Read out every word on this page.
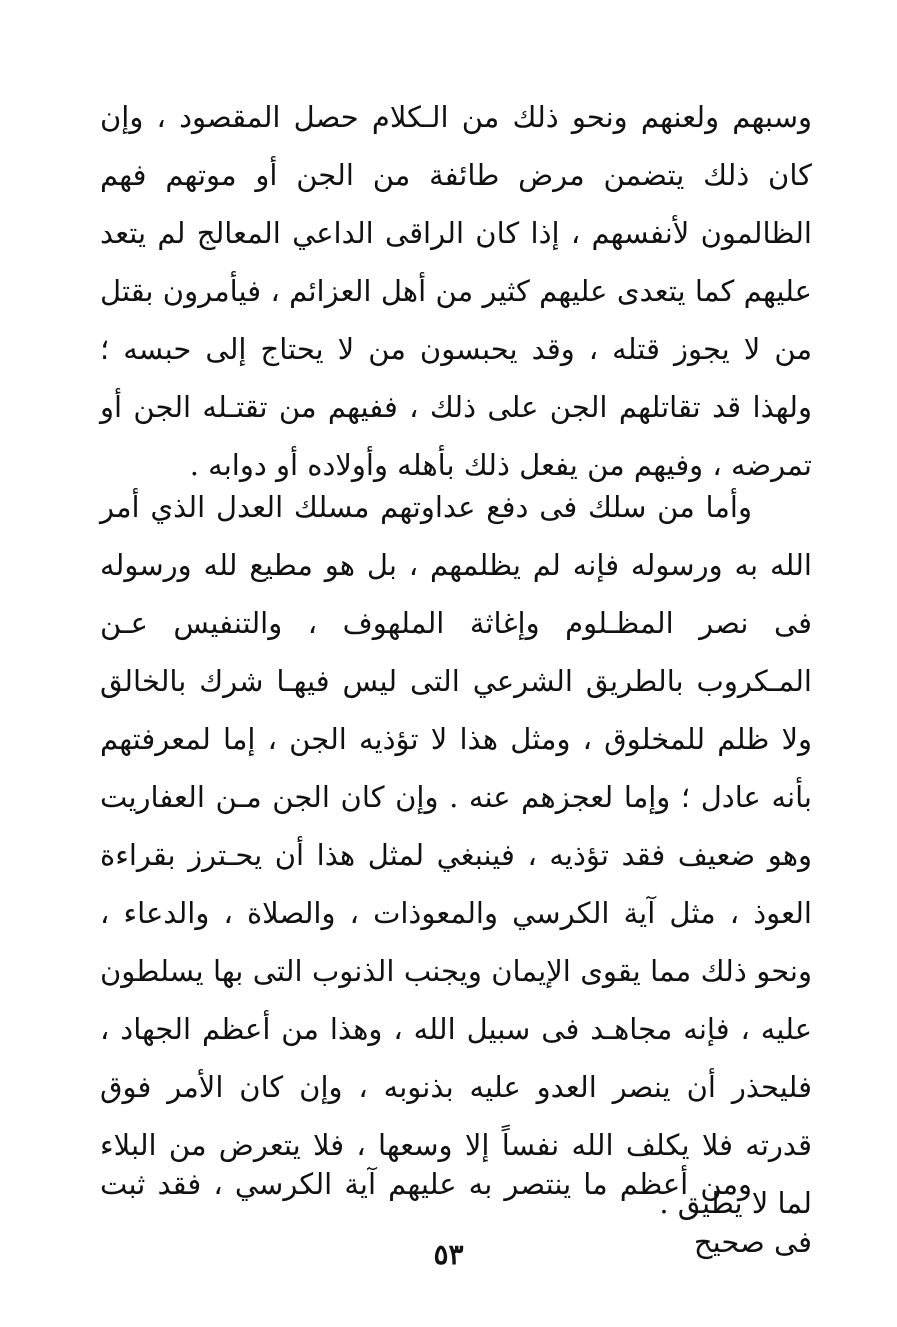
وسبهم ولعنهم ونحو ذلك من الـكلام حصل المقصود ، وإن كان ذلك يتضمن مرض طائفة من الجن أو موتهم فهم الظالمون لأنفسهم ، إذا كان الراقى الداعي المعالج لم يتعد عليهم كما يتعدى عليهم كثير من أهل العزائم ، فيأمرون بقتل من لا يجوز قتله ، وقد يحبسون من لا يحتاج إلى حبسه ؛ ولهذا قد تقاتلهم الجن على ذلك ، ففيهم من تقتـله الجن أو تمرضه ، وفيهم من يفعل ذلك بأهله وأولاده أو دوابه .

وأما من سلك فى دفع عداوتهم مسلك العدل الذي أمر الله به ورسوله فإنه لم يظلمهم ، بل هو مطيع لله ورسوله فى نصر المظـلوم وإغاثة الملهوف ، والتنفيس عـن المـكروب بالطريق الشرعي التى ليس فيهـا شرك بالخالق ولا ظلم للمخلوق ، ومثل هذا لا تؤذيه الجن ، إما لمعرفتهم بأنه عادل ؛ وإما لعجزهم عنه . وإن كان الجن مـن العفاريت وهو ضعيف فقد تؤذيه ، فينبغي لمثل هذا أن يحـترز بقراءة العوذ ، مثل آية الكرسي والمعوذات ، والصلاة ، والدعاء ، ونحو ذلك مما يقوى الإيمان ويجنب الذنوب التى بها يسلطون عليه ، فإنه مجاهـد فى سبيل الله ، وهذا من أعظم الجهاد ، فليحذر أن ينصر العدو عليه بذنوبه ، وإن كان الأمر فوق قدرته فلا يكلف الله نفساً إلا وسعها ، فلا يتعرض من البلاء لما لا يطيق .

ومن أعظم ما ينتصر به عليهم آية الكرسي ، فقد ثبت فى صحيح

٥٣
